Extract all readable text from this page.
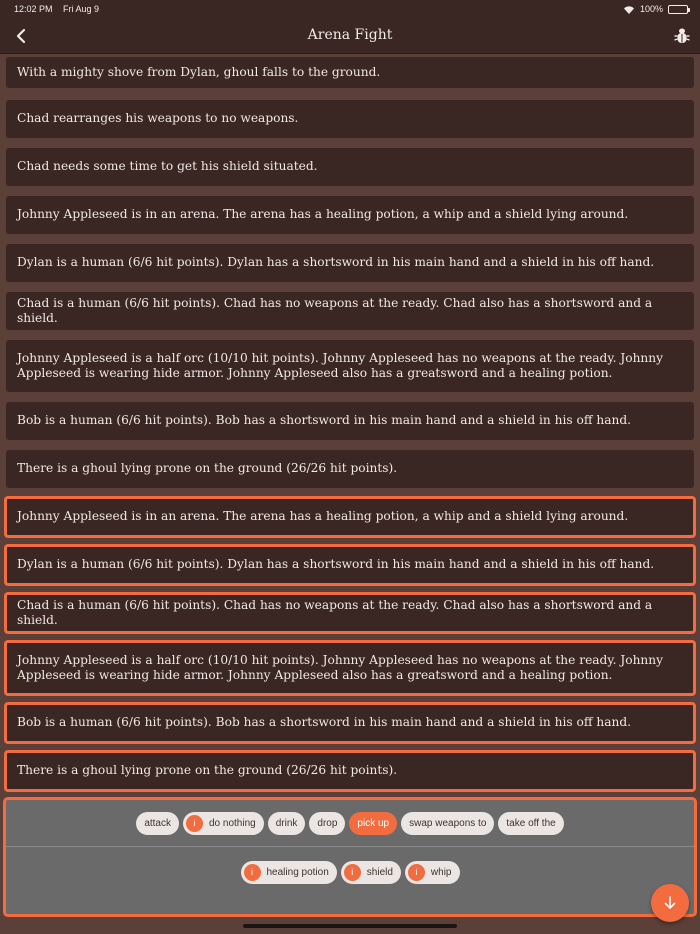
12:02 PM Fri Aug 9	100%
Arena Fight
With a mighty shove from Dylan, ghoul falls to the ground.
Chad rearranges his weapons to no weapons.
Chad needs some time to get his shield situated.
Johnny Appleseed is in an arena. The arena has a healing potion, a whip and a shield lying around.
Dylan is a human (6/6 hit points). Dylan has a shortsword in his main hand and a shield in his off hand.
Chad is a human (6/6 hit points). Chad has no weapons at the ready. Chad also has a shortsword and a shield.
Johnny Appleseed is a half orc (10/10 hit points). Johnny Appleseed has no weapons at the ready. Johnny Appleseed is wearing hide armor. Johnny Appleseed also has a greatsword and a healing potion.
Bob is a human (6/6 hit points). Bob has a shortsword in his main hand and a shield in his off hand.
There is a ghoul lying prone on the ground (26/26 hit points).
Johnny Appleseed is in an arena. The arena has a healing potion, a whip and a shield lying around.
Dylan is a human (6/6 hit points). Dylan has a shortsword in his main hand and a shield in his off hand.
Chad is a human (6/6 hit points). Chad has no weapons at the ready. Chad also has a shortsword and a shield.
Johnny Appleseed is a half orc (10/10 hit points). Johnny Appleseed has no weapons at the ready. Johnny Appleseed is wearing hide armor. Johnny Appleseed also has a greatsword and a healing potion.
Bob is a human (6/6 hit points). Bob has a shortsword in his main hand and a shield in his off hand.
There is a ghoul lying prone on the ground (26/26 hit points).
attack	i	do nothing drink drop pick up swap weapons to take off the
i	healing potion	i	shield	i	whip
